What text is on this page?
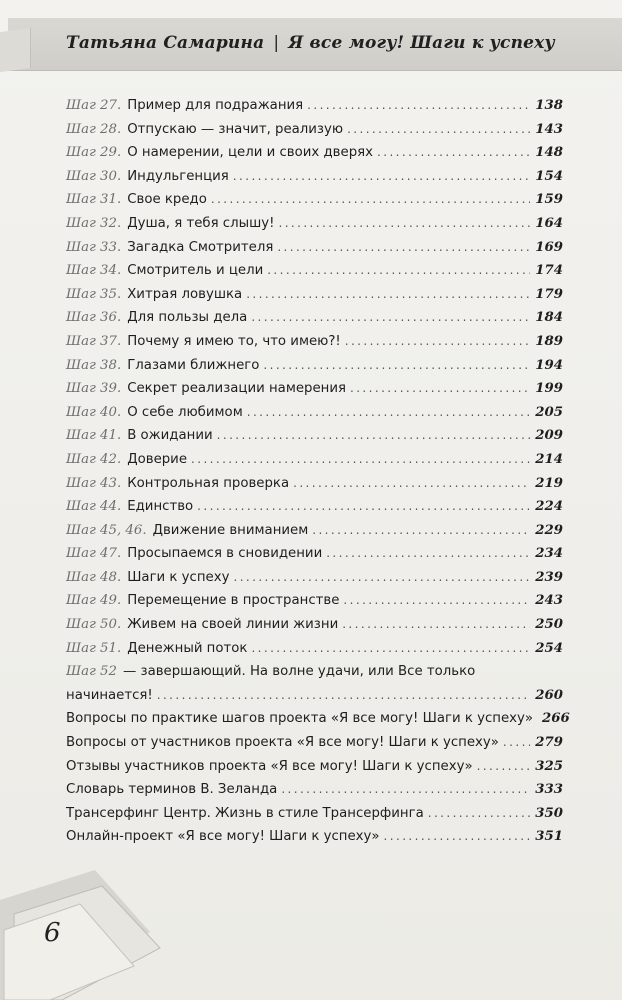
Татьяна Самарина | Я все могу! Шаги к успеху
Шаг 27. Пример для подражания .....	138
Шаг 28. Отпускаю — значит, реализую .....	143
Шаг 29. О намерении, цели и своих дверях .....	148
Шаг 30. Индульгенция .....	154
Шаг 31. Свое кредо .....	159
Шаг 32. Душа, я тебя слышу! .....	164
Шаг 33. Загадка Смотрителя .....	169
Шаг 34. Смотритель и цели .....	174
Шаг 35. Хитрая ловушка .....	179
Шаг 36. Для пользы дела .....	184
Шаг 37. Почему я имею то, что имею?! .....	189
Шаг 38. Глазами ближнего .....	194
Шаг 39. Секрет реализации намерения .....	199
Шаг 40. О себе любимом .....	205
Шаг 41. В ожидании .....	209
Шаг 42. Доверие .....	214
Шаг 43. Контрольная проверка .....	219
Шаг 44. Единство .....	224
Шаг 45, 46. Движение вниманием .....	229
Шаг 47. Просыпаемся в сновидении .....	234
Шаг 48. Шаги к успеху .....	239
Шаг 49. Перемещение в пространстве .....	243
Шаг 50. Живем на своей линии жизни .....	250
Шаг 51. Денежный поток .....	254
Шаг 52 — завершающий. На волне удачи, или Все только
начинается! .....	260
Вопросы по практике шагов проекта «Я все могу! Шаги к успеху» 266
Вопросы от участников проекта «Я все могу! Шаги к успеху» .....	279
Отзывы участников проекта «Я все могу! Шаги к успеху» .....	325
Словарь терминов В. Зеланда .....	333
Трансерфинг Центр. Жизнь в стиле Трансерфинга .....	350
Онлайн-проект «Я все могу! Шаги к успеху» .....	351
6
